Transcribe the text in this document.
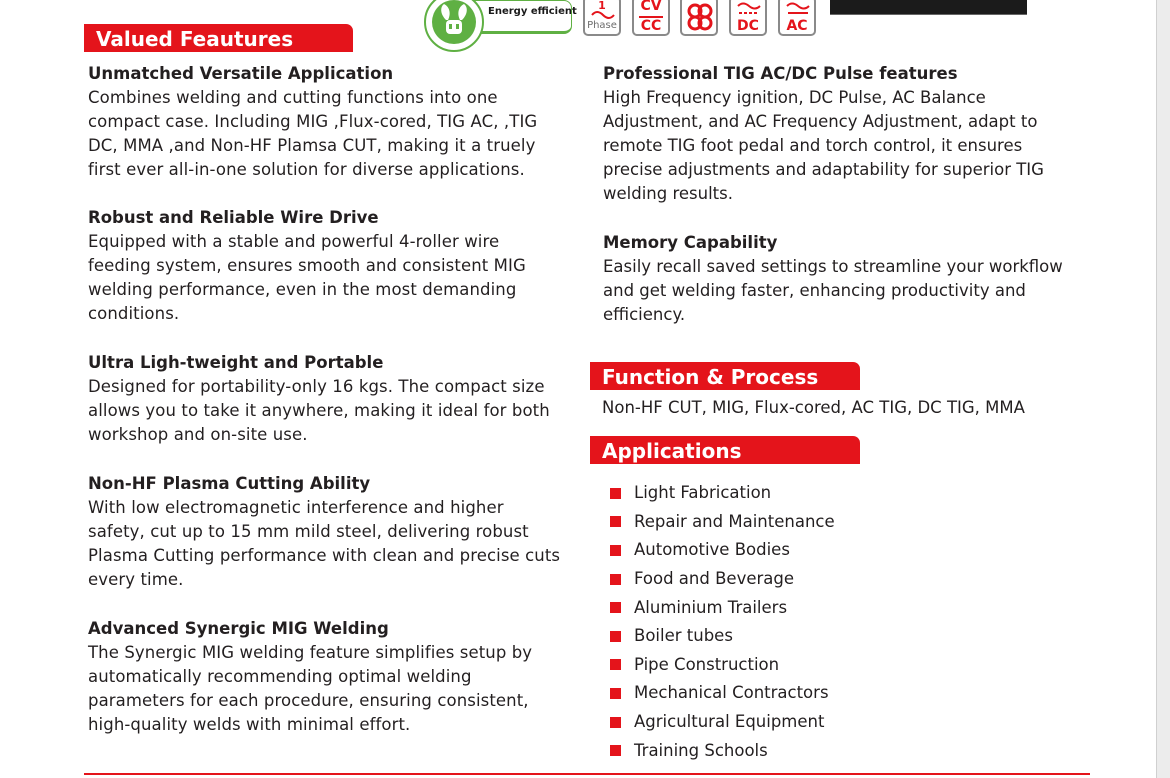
Energy efficient	1
Phase
CV
CC	DC	AC
Valued Feautures
Function & Process
Applications
Unmatched Versatile Application
Combines welding and cutting functions into one
compact case. Including MIG ,Flux-cored, TIG AC, ,TIG
DC, MMA ,and Non-HF Plamsa CUT, making it a truely
first ever all-in-one solution for diverse applications.
Robust and Reliable Wire Drive
Equipped with a stable and powerful 4-roller wire
feeding system, ensures smooth and consistent MIG
welding performance, even in the most demanding
conditions.
Ultra Ligh-tweight and Portable
Designed for portability-only 16 kgs. The compact size
allows you to take it anywhere, making it ideal for both
workshop and on-site use.
Non-HF Plasma Cutting Ability
With low electromagnetic interference and higher
safety, cut up to 15 mm mild steel, delivering robust
Plasma Cutting performance with clean and precise cuts
every time.
Advanced Synergic MIG Welding
The Synergic MIG welding feature simplifies setup by
automatically recommending optimal welding
parameters for each procedure, ensuring consistent,
high-quality welds with minimal effort.
Professional TIG AC/DC Pulse features
High Frequency ignition, DC Pulse, AC Balance
Adjustment, and AC Frequency Adjustment, adapt to
remote TIG foot pedal and torch control, it ensures
precise adjustments and adaptability for superior TIG
welding results.
Memory Capability
Easily recall saved settings to streamline your workflow
and get welding faster, enhancing productivity and
efficiency.
Non-HF CUT, MIG, Flux-cored, AC TIG, DC TIG, MMA
Light Fabrication
Repair and Maintenance
Automotive Bodies
Food and Beverage
Aluminium Trailers
Boiler tubes
Pipe Construction
Mechanical Contractors
Agricultural Equipment
Training Schools
